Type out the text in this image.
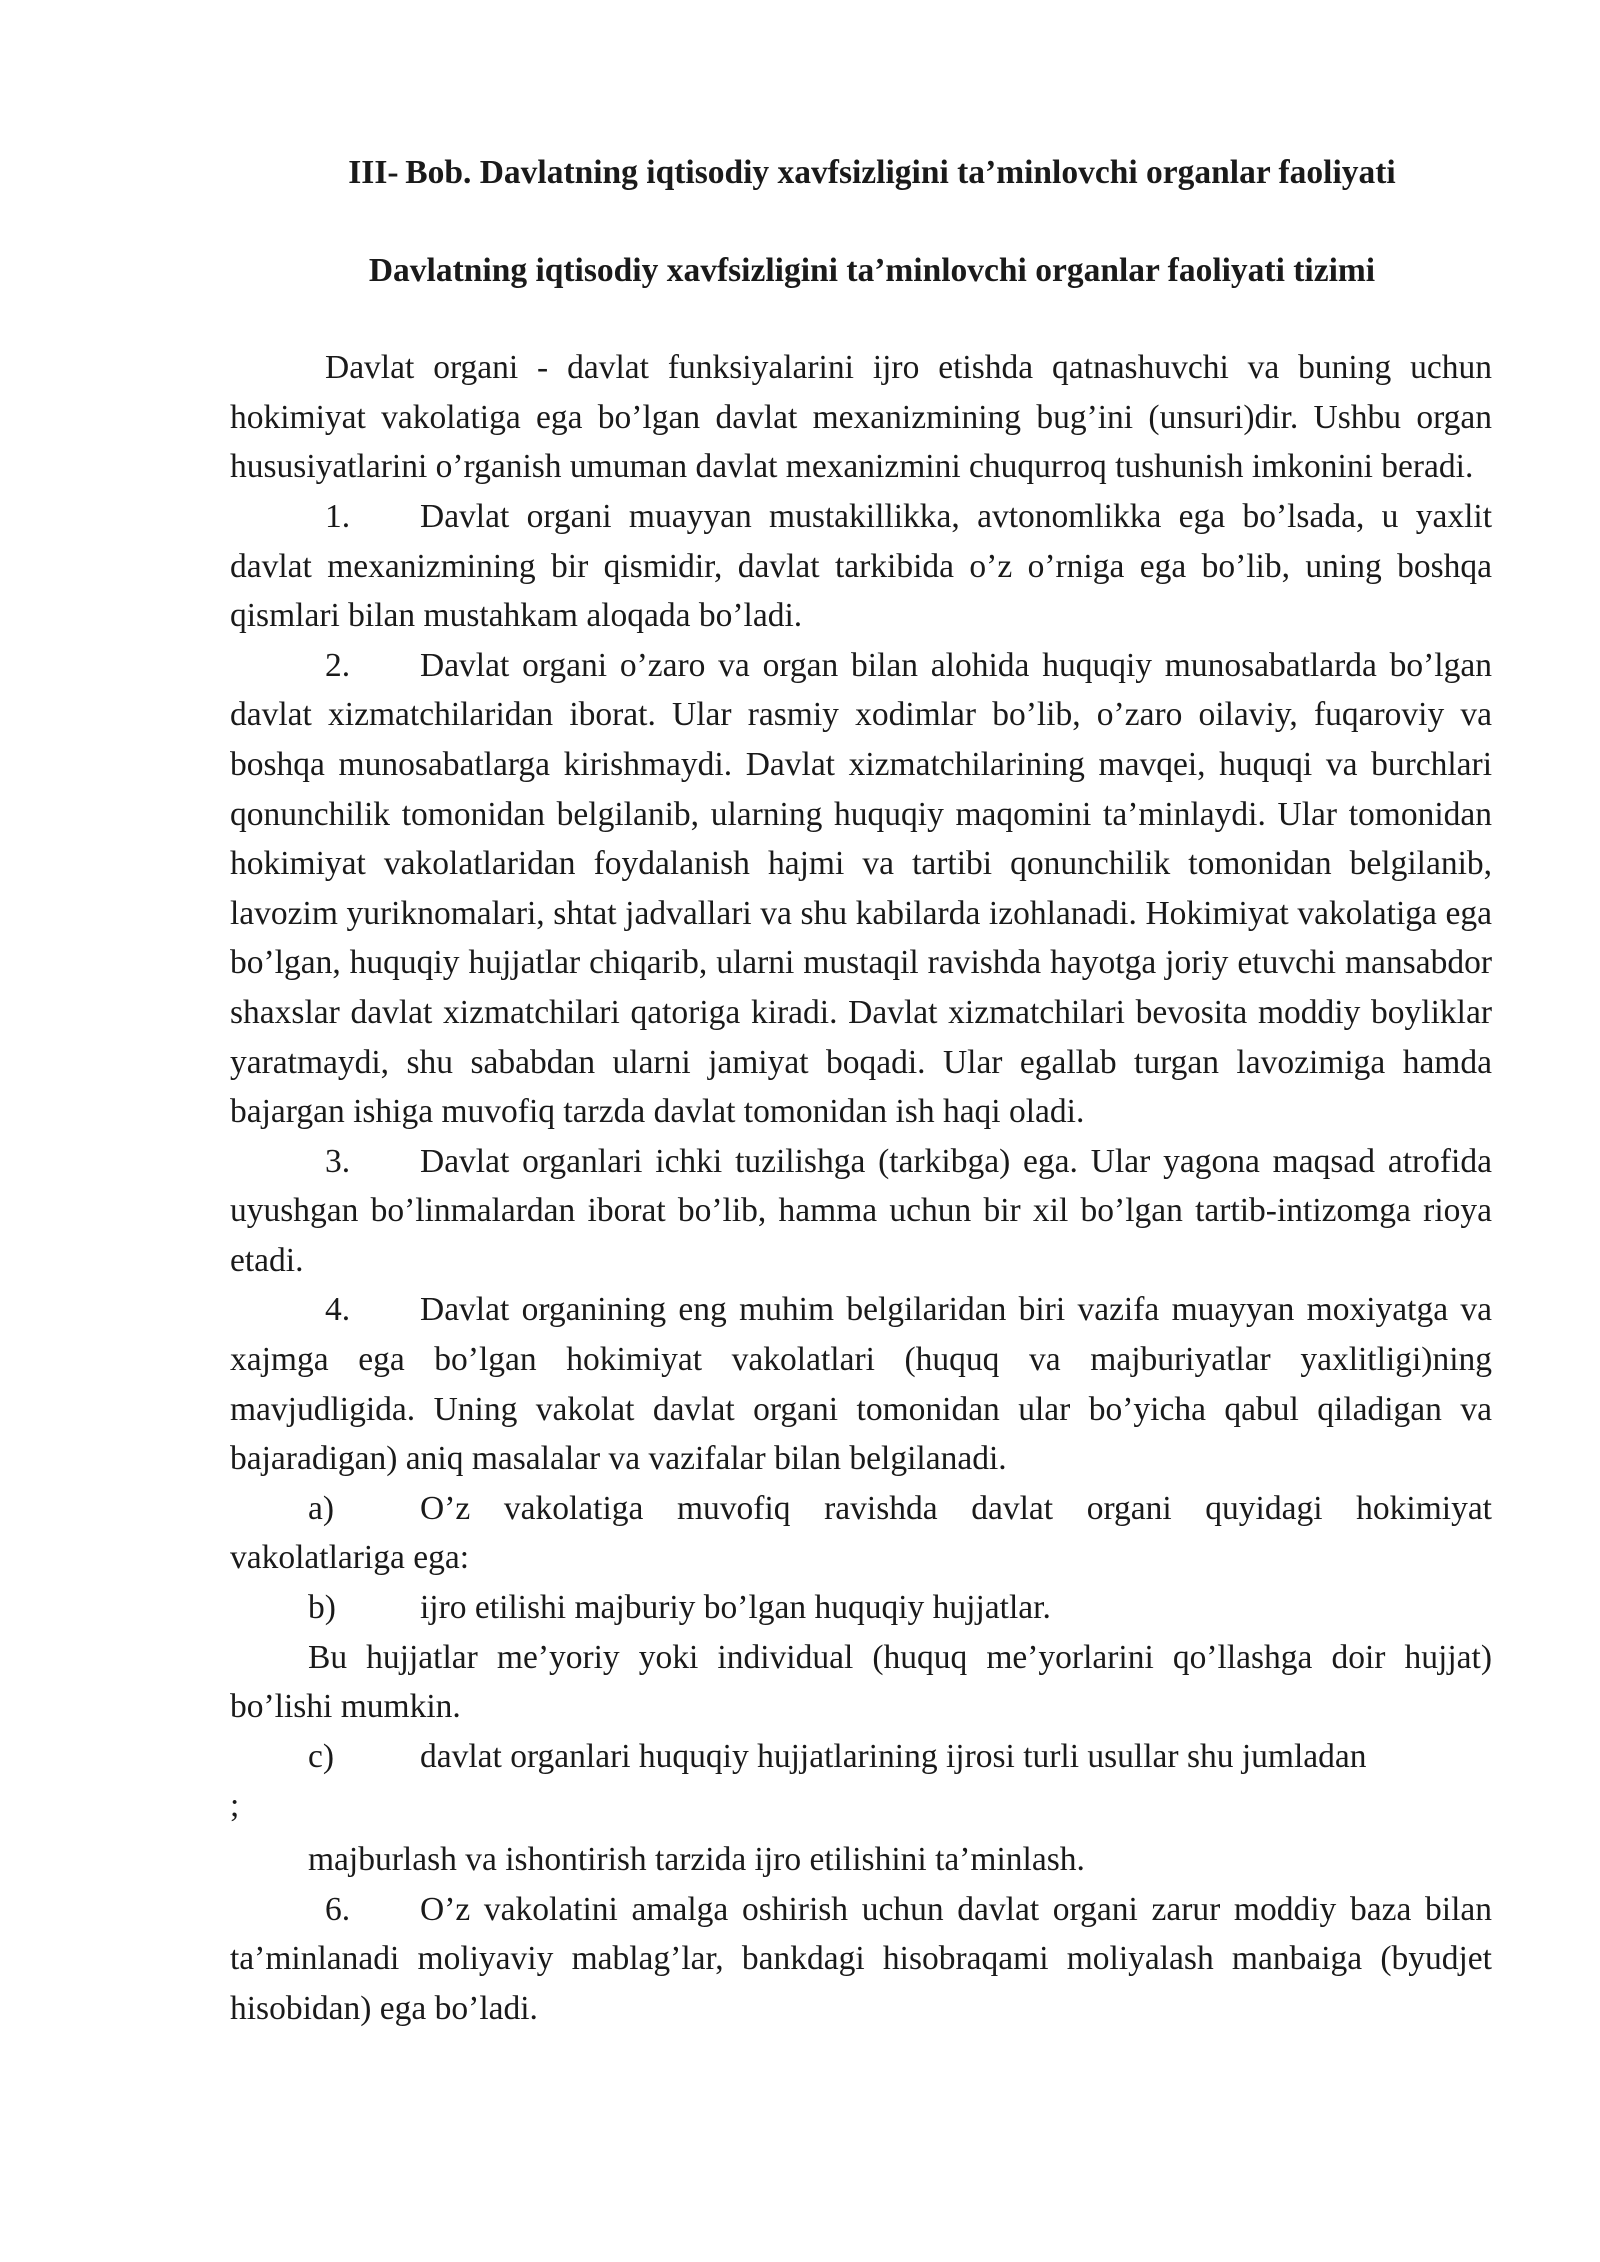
III- Bob. Davlatning iqtisodiy xavfsizligini ta’minlovchi organlar faoliyati

Davlatning iqtisodiy xavfsizligini ta’minlovchi organlar faoliyati tizimi

Davlat organi - davlat funksiyalarini ijro etishda qatnashuvchi va buning uchun hokimiyat vakolatiga ega bo’lgan davlat mexanizmining bug’ini (unsuri)dir. Ushbu organ hususiyatlarini o’rganish umuman davlat mexanizmini chuqurroq tushunish imkonini beradi.

1. Davlat organi muayyan mustakillikka, avtonomlikka ega bo’lsada, u yaxlit davlat mexanizmining bir qismidir, davlat tarkibida o’z o’rniga ega bo’lib, uning boshqa qismlari bilan mustahkam aloqada bo’ladi.

2. Davlat organi o’zaro va organ bilan alohida huquqiy munosabatlarda bo’lgan davlat xizmatchilaridan iborat. Ular rasmiy xodimlar bo’lib, o’zaro oilaviy, fuqaroviy va boshqa munosabatlarga kirishmaydi. Davlat xizmatchilarining mavqei, huquqi va burchlari qonunchilik tomonidan belgilanib, ularning huquqiy maqomini ta’minlaydi. Ular tomonidan hokimiyat vakolatlaridan foydalanish hajmi va tartibi qonunchilik tomonidan belgilanib, lavozim yuriknomalari, shtat jadvallari va shu kabilarda izohlanadi. Hokimiyat vakolatiga ega bo’lgan, huquqiy hujjatlar chiqarib, ularni mustaqil ravishda hayotga joriy etuvchi mansabdor shaxslar davlat xizmatchilari qatoriga kiradi. Davlat xizmatchilari bevosita moddiy boyliklar yaratmaydi, shu sababdan ularni jamiyat boqadi. Ular egallab turgan lavozimiga hamda bajargan ishiga muvofiq tarzda davlat tomonidan ish haqi oladi.

3. Davlat organlari ichki tuzilishga (tarkibga) ega. Ular yagona maqsad atrofida uyushgan bo’linmalardan iborat bo’lib, hamma uchun bir xil bo’lgan tartib-intizomga rioya etadi.

4. Davlat organining eng muhim belgilaridan biri vazifa muayyan moxiyatga va xajmga ega bo’lgan hokimiyat vakolatlari (huquq va majburiyatlar yaxlitligi)ning mavjudligida. Uning vakolat davlat organi tomonidan ular bo’yicha qabul qiladigan va bajaradigan) aniq masalalar va vazifalar bilan belgilanadi.

a)	O’z vakolatiga muvofiq ravishda davlat organi quyidagi hokimiyat vakolatlariga ega:

b)	ijro etilishi majburiy bo’lgan huquqiy hujjatlar.

Bu hujjatlar me’yoriy yoki individual (huquq me’yorlarini qo’llashga doir hujjat) bo’lishi mumkin.

c)	davlat organlari huquqiy hujjatlarining ijrosi turli usullar shu jumladan

;

majburlash va ishontirish tarzida ijro etilishini ta’minlash.

6. O’z vakolatini amalga oshirish uchun davlat organi zarur moddiy baza bilan ta’minlanadi moliyaviy mablag’lar, bankdagi hisobraqami moliyalash manbaiga (byudjet hisobidan) ega bo’ladi.
